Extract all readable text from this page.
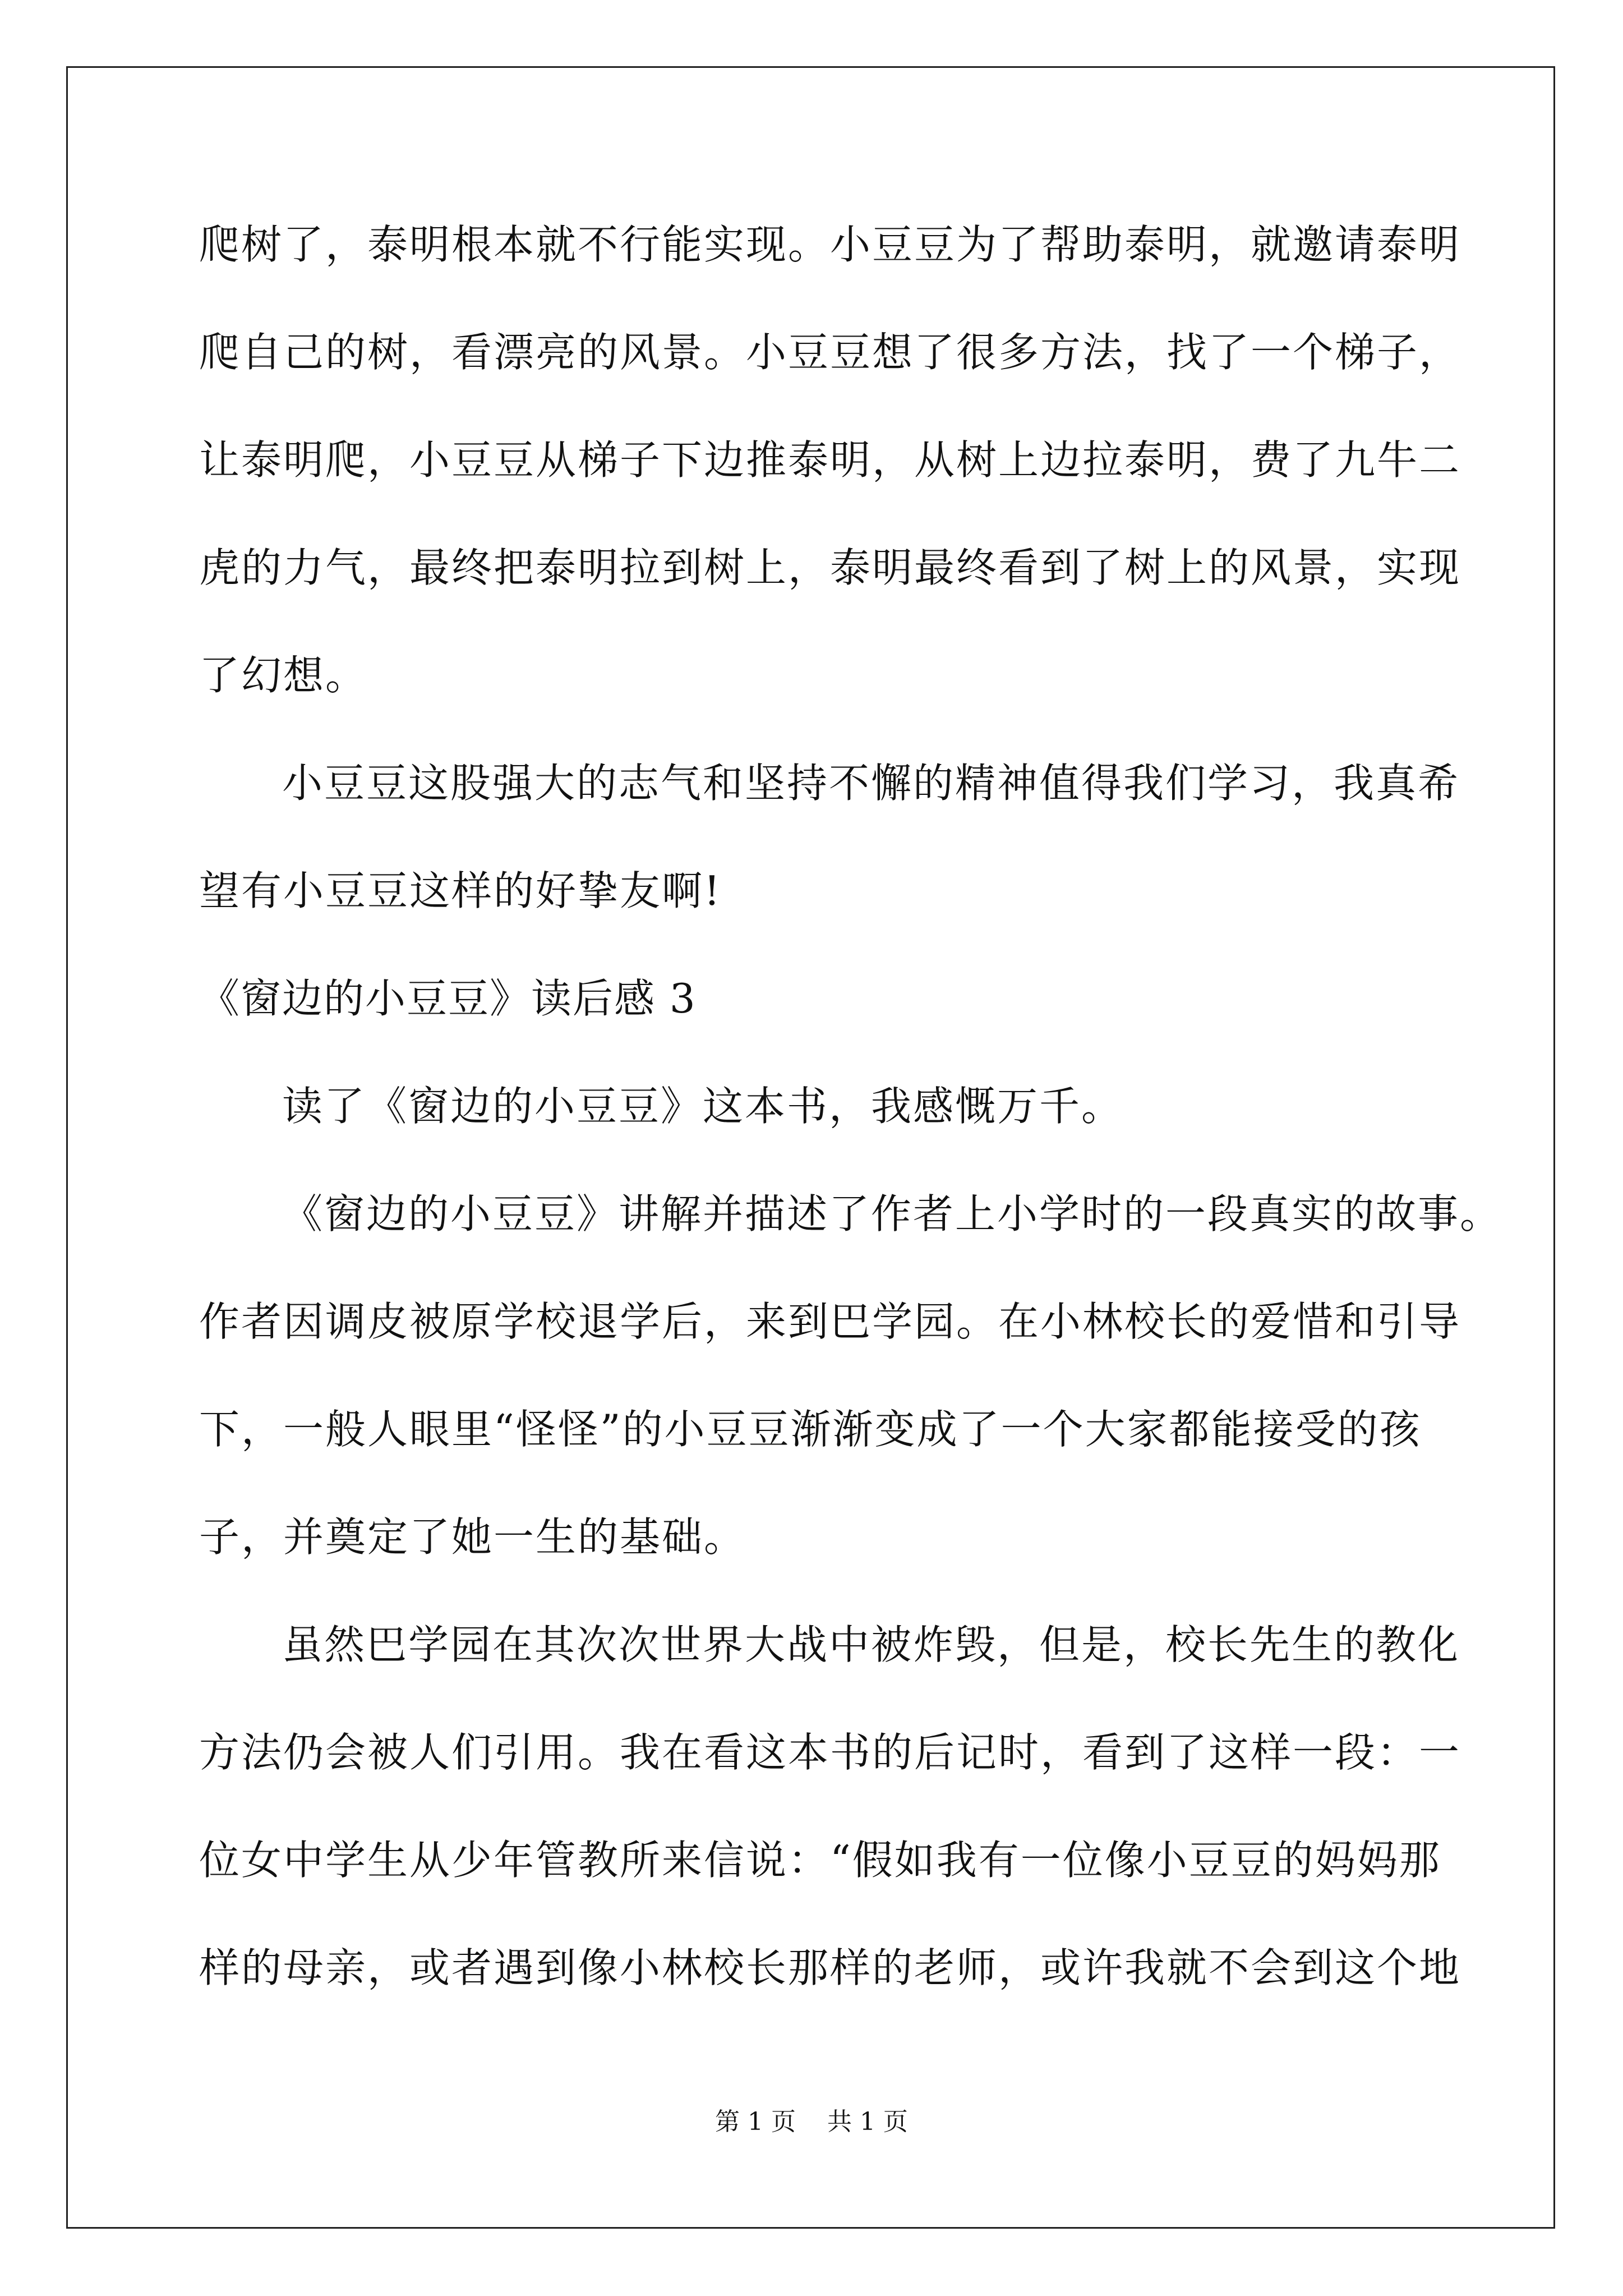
爬树了，泰明根本就不行能实现。小豆豆为了帮助泰明，就邀请泰明
爬自己的树，看漂亮的风景。小豆豆想了很多方法，找了一个梯子，
让泰明爬，小豆豆从梯子下边推泰明，从树上边拉泰明，费了九牛二
虎的力气，最终把泰明拉到树上，泰明最终看到了树上的风景，实现
了幻想。
小豆豆这股强大的志气和坚持不懈的精神值得我们学习，我真希
望有小豆豆这样的好挚友啊!
《窗边的小豆豆》读后感 3
读了《窗边的小豆豆》这本书，我感慨万千。
《窗边的小豆豆》讲解并描述了作者上小学时的一段真实的故事。
作者因调皮被原学校退学后，来到巴学园。在小林校长的爱惜和引导
下，一般人眼里“怪怪”的小豆豆渐渐变成了一个大家都能接受的孩
子，并奠定了她一生的基础。
虽然巴学园在其次次世界大战中被炸毁，但是，校长先生的教化
方法仍会被人们引用。我在看这本书的后记时，看到了这样一段：一
位女中学生从少年管教所来信说：“假如我有一位像小豆豆的妈妈那
样的母亲，或者遇到像小林校长那样的老师，或许我就不会到这个地
第 1 页    共 1 页
